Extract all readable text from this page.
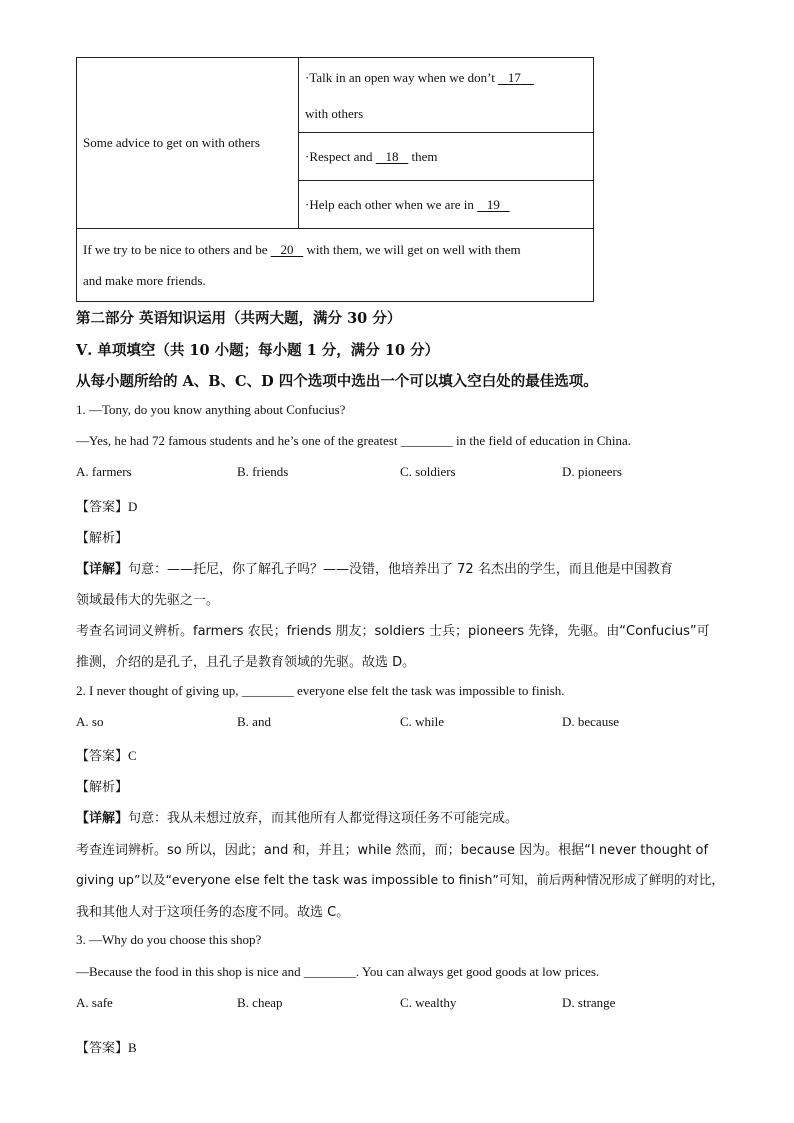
Some advice to get on with others	·Talk in an open way when we don’t 17
with others
·Respect and 18 them
·Help each other when we are in 19
If we try to be nice to others and be 20 with them, we will get on well with them
and make more friends.
第二部分 英语知识运用（共两大题，满分 30 分）
Ⅴ. 单项填空（共 10 小题；每小题 1 分，满分 10 分）
从每小题所给的 A、B、C、D 四个选项中选出一个可以填入空白处的最佳选项。
1. —Tony, do you know anything about Confucius?
—Yes, he had 72 famous students and he’s one of the greatest ________ in the field of education in China.
A. farmers	B. friends	C. soldiers	D. pioneers
【答案】D
【解析】
【详解】句意：——托尼，你了解孔子吗？——没错，他培养出了 72 名杰出的学生，而且他是中国教育
领域最伟大的先驱之一。
考查名词词义辨析。farmers 农民；friends 朋友；soldiers 士兵；pioneers 先锋，先驱。由“Confucius”可
推测，介绍的是孔子，且孔子是教育领域的先驱。故选 D。
2. I never thought of giving up, ________ everyone else felt the task was impossible to finish.
A. so	B. and	C. while	D. because
【答案】C
【解析】
【详解】句意：我从未想过放弃，而其他所有人都觉得这项任务不可能完成。
考查连词辨析。so 所以，因此；and 和，并且；while 然而，而；because 因为。根据“I never thought of
giving up”以及“everyone else felt the task was impossible to finish”可知，前后两种情况形成了鲜明的对比，
我和其他人对于这项任务的态度不同。故选 C。
3. —Why do you choose this shop?
—Because the food in this shop is nice and ________. You can always get good goods at low prices.
A. safe	B. cheap	C. wealthy	D. strange
【答案】B
